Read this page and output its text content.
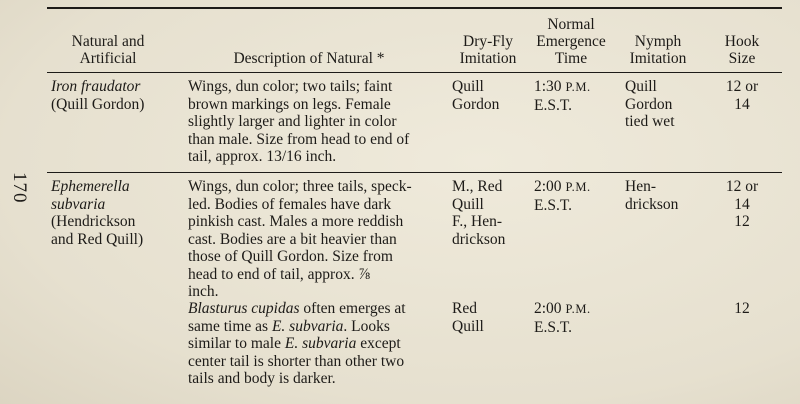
170
Natural and
Artificial	Description of Natural *
Dry-Fly
Imitation
Normal
Emergence
Time
Nymph
Imitation
Hook
Size
Iron fraudator
(Quill Gordon)
Wings, dun color; two tails; faint
brown markings on legs. Female
slightly larger and lighter in color
than male. Size from head to end of
tail, approx. 13/16 inch.
Quill
Gordon
1:30 P.M.
E.S.T.
Quill
Gordon
tied wet
12 or
14
Ephemerella
subvaria
(Hendrickson
and Red Quill)
Wings, dun color; three tails, speck-
led. Bodies of females have dark
pinkish cast. Males a more reddish
cast. Bodies are a bit heavier than
those of Quill Gordon. Size from
head to end of tail, approx. ⅞
inch.
M., Red
Quill
F., Hen-
drickson
2:00 P.M.
E.S.T.
Hen-
drickson
12 or
14
12
Blasturus cupidas often emerges at
same time as E. subvaria. Looks
similar to male E. subvaria except
center tail is shorter than other two
tails and body is darker.
Red
Quill
2:00 P.M.
E.S.T.
12
